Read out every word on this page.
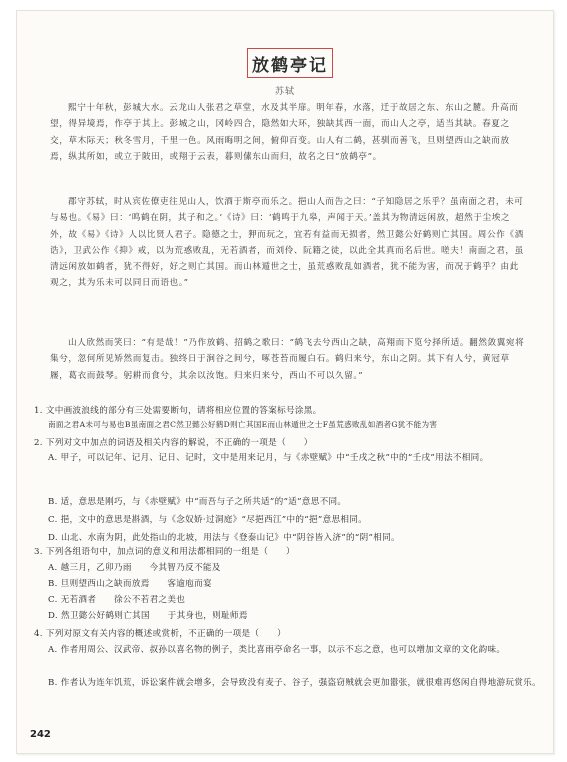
放鹤亭记
苏轼
熙宁十年秋，彭城大水。云龙山人张君之草堂，水及其半扉。明年春，水落，迁于故居之东、东山之麓。升高而望，得异境焉，作亭于其上。彭城之山，冈岭四合，隐然如大环，独缺其西一面，而山人之亭，适当其缺。春夏之交，草木际天；秋冬雪月，千里一色。风雨晦明之间，俯仰百变。山人有二鹤，甚驯而善飞，旦则望西山之缺而放焉，纵其所如，或立于陂田，或翔于云表，暮则傃东山而归，故名之曰“放鹤亭”。
郡守苏轼，时从宾佐僚吏往见山人，饮酒于斯亭而乐之。挹山人而告之曰：“子知隐居之乐乎？虽南面之君，未可与易也。《易》曰：‘鸣鹤在阴，其子和之。’《诗》曰：‘鹤鸣于九皋，声闻于天。’盖其为物清远闲放，超然于尘埃之外，故《易》《诗》人以比贤人君子。隐德之士，狎而玩之，宜若有益而无损者，然卫懿公好鹤则亡其国。周公作《酒诰》，卫武公作《抑》戒，以为荒惑败乱，无若酒者，而刘伶、阮籍之徒，以此全其真而名后世。嗟夫！南面之君，虽清远闲放如鹤者，犹不得好，好之则亡其国。而山林遁世之士，虽荒惑败乱如酒者，犹不能为害，而况于鹤乎？由此观之，其为乐未可以同日而语也。”
山人欣然而笑曰：“有是哉！”乃作放鹤、招鹤之歌曰：“鹤飞去兮西山之缺，高翔而下览兮择所适。翻然敛翼宛将集兮，忽何所见矫然而复击。独终日于涧谷之间兮，啄苍苔而履白石。鹤归来兮，东山之阴。其下有人兮，黄冠草屦，葛衣而鼓琴。躬耕而食兮，其余以汝饱。归来归来兮，西山不可以久留。”
1. 文中画波浪线的部分有三处需要断句，请将相应位置的答案标号涂黑。
南面之君A未可与易也B虽南面之君C然卫懿公好鹤D则亡其国E而山林遁世之士F虽荒惑败乱如酒者G犹不能为害
2. 下列对文中加点的词语及相关内容的解说，不正确的一项是（　　）
A. 甲子，可以记年、记月、记日、记时，文中是用来记月，与《赤壁赋》中“壬戌之秋”中的“壬戌”用法不相同。
B. 适，意思是刚巧，与《赤壁赋》中“而吾与子之所共适”的“适”意思不同。
C. 挹，文中的意思是斟酒，与《念奴娇·过洞庭》“尽挹西江”中的“挹”意思相同。
D. 山北、水南为阴，此处指山的北坡，用法与《登泰山记》中“阴谷皆入济”的“阴”相同。
3. 下列各组语句中，加点词的意义和用法都相同的一组是（　　）
A. 越三月，乙卯乃雨　　今其智乃反不能及
B. 旦则望西山之缺而放焉　　客逾庖而宴
C. 无若酒者　　徐公不若君之美也
D. 然卫懿公好鹤则亡其国　　于其身也，则耻师焉
4. 下列对原文有关内容的概述或赏析，不正确的一项是（　　）
A. 作者用周公、汉武帝、叔孙以喜名物的例子，类比喜雨亭命名一事，以示不忘之意，也可以增加文章的文化韵味。
B. 作者认为连年饥荒，诉讼案件就会增多，会导致没有麦子、谷子，强盗窃贼就会更加嚣张，就很难再悠闲自得地游玩赏乐。
242
